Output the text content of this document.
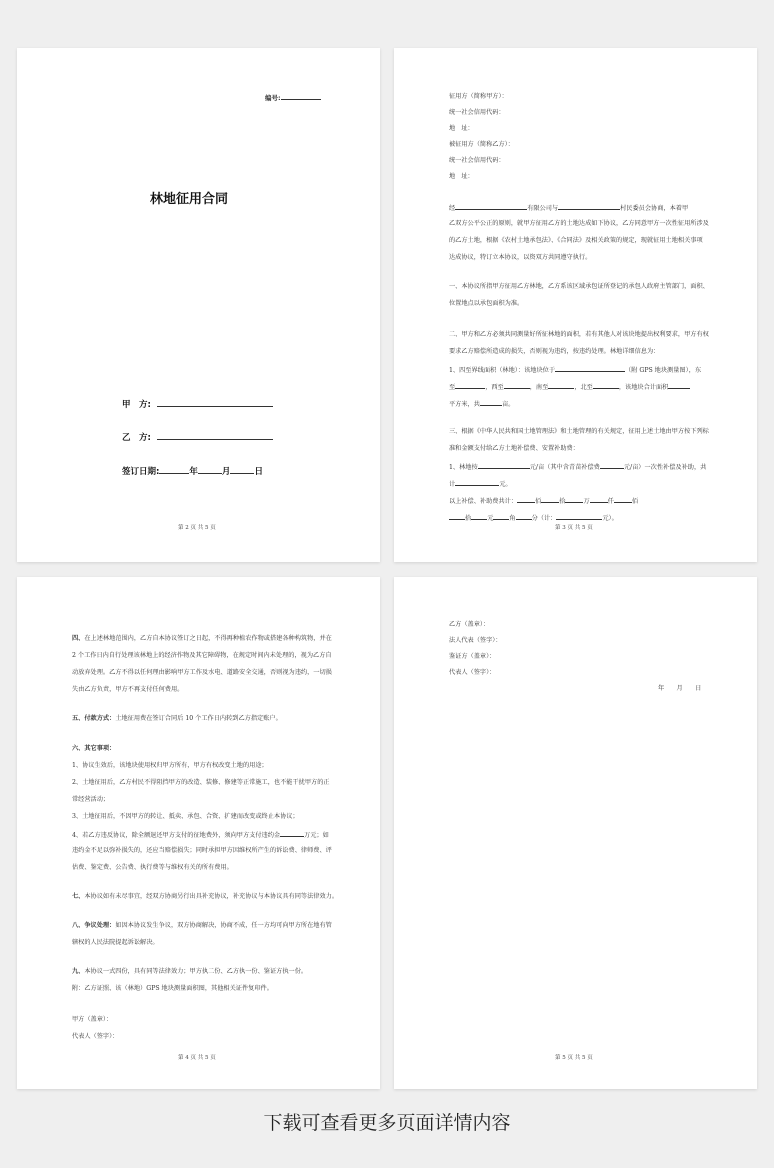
编号:
林地征用合同
甲　方:
乙　方:
签订日期:	年	月	日
第 2 页 共 5 页
征用方（简称甲方）：
统一社会信用代码：
地　址：
被征用方（简称乙方）：
统一社会信用代码：
地　址：
经	有限公司与	村民委员会协商，本着甲
乙双方公平公正的原则，就甲方征用乙方的土地达成如下协议，乙方同意甲方一次性征用所涉及
的乙方土地，根据《农村土地承包法》、《合同法》及相关政策的规定，现就征用土地相关事项
达成协议，特订立本协议，以资双方共同遵守执行。
一、本协议所指甲方征用乙方林地，乙方系该区域承包证所登记的承包人政府主管部门，面积、
位置地点以承包面积为准。
二、甲方和乙方必须共同测量好所征林地的面积，若有其他人对该块地提出权利要求，甲方有权
要求乙方赔偿所造成的损失，否则视为违约，按违约处理。林地详细信息为：
1、四至界线面积（林地）：该地块位于	（附 GPS 地块测量图），东
至	，西至	，南至	，北至	，该地块合计面积
平方米，共	亩。
三、根据《中华人民共和国土地管理法》和土地管理的有关规定，征用上述土地由甲方按下列标
准和金额支付给乙方土地补偿费、安置补助费：
1、林地按	元/亩（其中含青苗补偿费	元/亩）一次性补偿及补助，共
计	元。
以上补偿、补助费共计：	佰	拾	万	仟	佰
拾	元	角	分（计：	元）。
第 3 页 共 5 页
四、在上述林地范围内，乙方自本协议签订之日起，不得再种植农作物或搭建各种构筑物，并在
2 个工作日内自行处理该林地上的经济作物及其它障碍物，在规定时间内未处理的，视为乙方自
动放弃处理。乙方不得以任何理由影响甲方工作及水电、道路安全交通，否则视为违约，一切损
失由乙方负责，甲方不再支付任何费用。
五、付款方式：土地征用费在签订合同后 10 个工作日内转到乙方指定账户。
六、其它事项：
1、协议生效后，该地块使用权归甲方所有，甲方有权改变土地的用途；
2、土地征用后，乙方村民不得阻挡甲方的改造、装修、修建等正常施工，也不能干扰甲方的正
常经营活动；
3、土地征用后，不因甲方的转让、抵卖、承包、合资、扩建而改变或终止本协议；
4、若乙方违反协议，除全额退还甲方支付的征地费外，须向甲方支付违约金	万元；如
违约金不足以弥补损失的，还应当赔偿损失；同时承担甲方因维权所产生的诉讼费、律师费、评
估费、鉴定费、公告费、执行费等与维权有关的所有费用。
七、本协议如有未尽事宜，经双方协商另行出具补充协议，补充协议与本协议具有同等法律效力。
八、争议处理：如因本协议发生争议，双方协商解决，协商不成，任一方均可向甲方所在地有管
辖权的人民法院提起诉讼解决。
九、本协议一式四份，具有同等法律效力；甲方执二份、乙方执一份、鉴证方执一份。
附：乙方证照、该（林地）GPS 地块测量面积图，其他相关证件复印件。
甲方（盖章）：
代表人（签字）：
第 4 页 共 5 页
乙方（盖章）：
法人代表（签字）：
鉴证方（盖章）：
代表人（签字）：
年　　月　　日
第 5 页 共 5 页
下载可查看更多页面详情内容
